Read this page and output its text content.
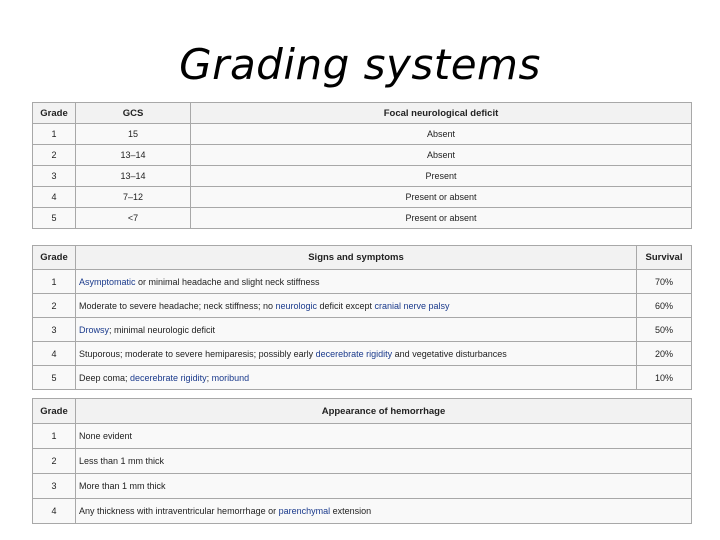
Grading systems
Grade	GCS	Focal neurological deficit
1	15	Absent
2	13–14	Absent
3	13–14	Present
4	7–12	Present or absent
5	<7	Present or absent
Grade	Signs and symptoms	Survival
1	Asymptomatic or minimal headache and slight neck stiffness	70%
2	Moderate to severe headache; neck stiffness; no neurologic deficit except cranial nerve palsy	60%
3	Drowsy; minimal neurologic deficit	50%
4	Stuporous; moderate to severe hemiparesis; possibly early decerebrate rigidity and vegetative disturbances	20%
5	Deep coma; decerebrate rigidity; moribund	10%
Grade	Appearance of hemorrhage
1	None evident
2	Less than 1 mm thick
3	More than 1 mm thick
4	Any thickness with intraventricular hemorrhage or parenchymal extension
